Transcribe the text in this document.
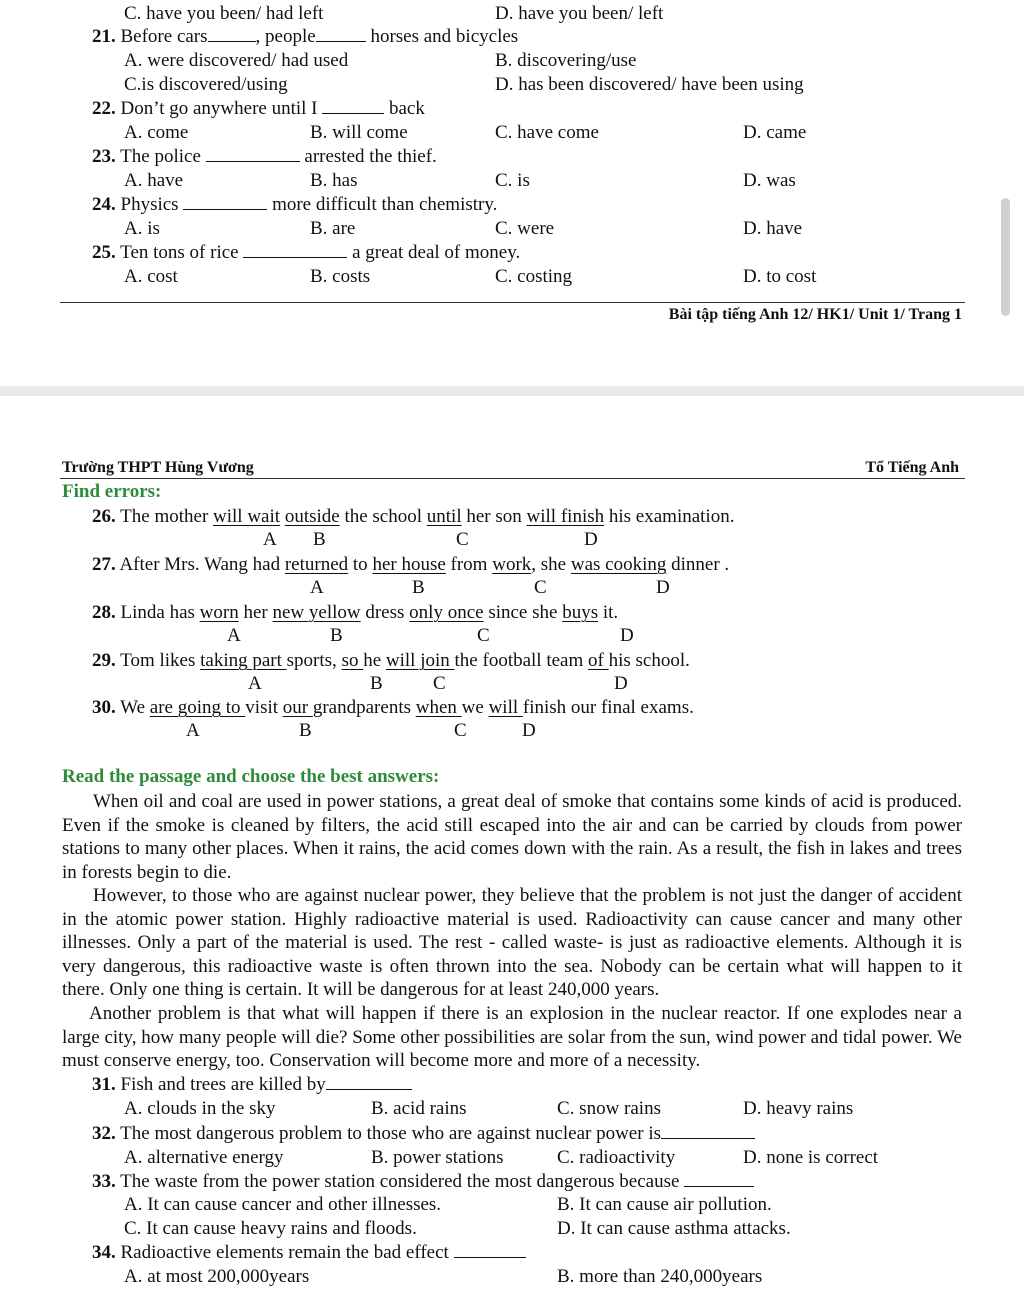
C. have you been/ had left	D. have you been/ left
21. Before cars	, people	horses and bicycles
A. were discovered/ had used	B. discovering/use
C.is discovered/using	D. has been discovered/ have been using
22. Don’t go anywhere until I	back
A. come	B. will come	C. have come	D. came
23. The police	arrested the thief.
A. have	B. has	C. is	D. was
24. Physics	more difficult than chemistry.
A. is	B. are	C. were	D. have
25. Ten tons of rice	a great deal of money.
A. cost	B. costs	C. costing	D. to cost
Bài tập tiếng Anh 12/ HK1/ Unit 1/ Trang 1
Trường THPT Hùng Vương	Tổ Tiếng Anh
Find errors:
26. The mother will wait outside the school until her son will finish his examination.
A B	C	D
27. After Mrs. Wang had returned to her house from work, she was cooking dinner .
A	B	C	D
28. Linda has worn her new yellow dress only once since she buys it.
A	B	C	D
29. Tom likes taking part sports, so he will join the football team of his school.
A	B	C	D
30. We are going to visit our grandparents when we will finish our final exams.
A	B	C	D
Read the passage and choose the best answers:
When oil and coal are used in power stations, a great deal of smoke that contains some kinds of acid is produced. Even if the smoke is cleaned by filters, the acid still escaped into the air and can be carried by clouds from power stations to many other places. When it rains, the acid comes down with the rain. As a result, the fish in lakes and trees in forests begin to die.
However, to those who are against nuclear power, they believe that the problem is not just the danger of accident in the atomic power station. Highly radioactive material is used. Radioactivity can cause cancer and many other illnesses. Only a part of the material is used. The rest - called waste- is just as radioactive elements. Although it is very dangerous, this radioactive waste is often thrown into the sea. Nobody can be certain what will happen to it there. Only one thing is certain. It will be dangerous for at least 240,000 years.
Another problem is that what will happen if there is an explosion in the nuclear reactor. If one explodes near a large city, how many people will die? Some other possibilities are solar from the sun, wind power and tidal power. We must conserve energy, too. Conservation will become more and more of a necessity.
31. Fish and trees are killed by
A. clouds in the sky	B. acid rains	C. snow rains	D. heavy rains
32. The most dangerous problem to those who are against nuclear power is
A. alternative energy	B. power stations	C. radioactivity	D. none is correct
33. The waste from the power station considered the most dangerous because
A. It can cause cancer and other illnesses.	B. It can cause air pollution.
C. It can cause heavy rains and floods.	D. It can cause asthma attacks.
34. Radioactive elements remain the bad effect
A. at most 200,000years	B. more than 240,000years
